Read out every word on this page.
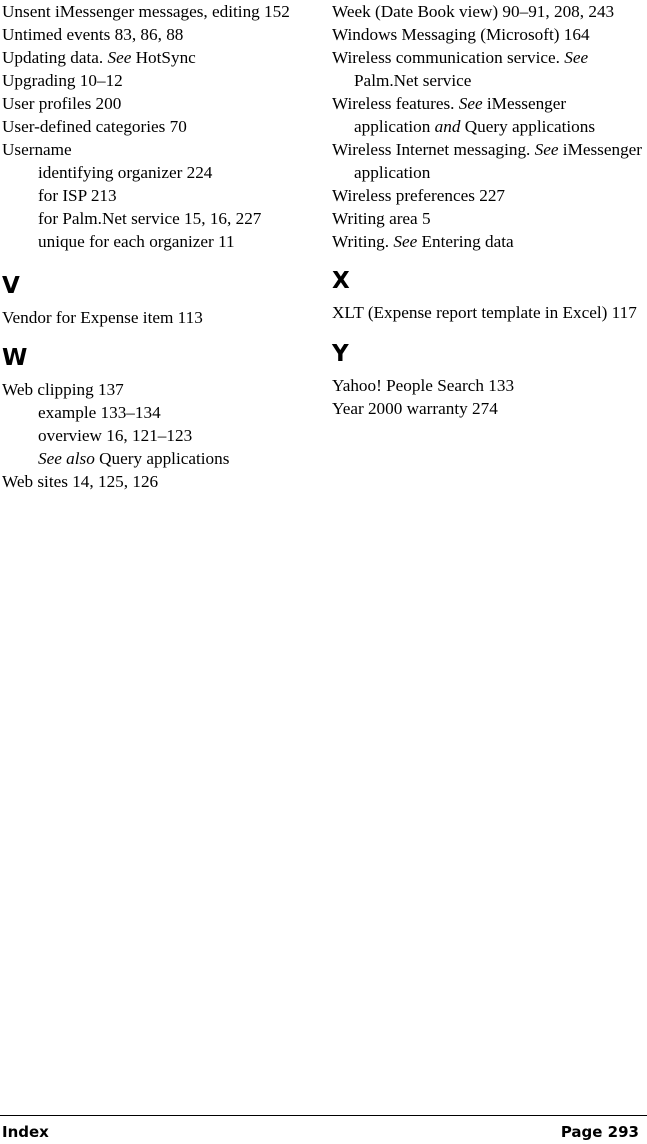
Unsent iMessenger messages, editing 152

Untimed events 83, 86, 88

Updating data. See HotSync

Upgrading 10–12

User profiles 200

User-defined categories 70

Username

identifying organizer 224

for ISP 213

for Palm.Net service 15, 16, 227

unique for each organizer 11

V

Vendor for Expense item 113

W

Web clipping 137

example 133–134

overview 16, 121–123

See also Query applications

Web sites 14, 125, 126

Week (Date Book view) 90–91, 208, 243

Windows Messaging (Microsoft) 164

Wireless communication service. See Palm.Net service

Wireless features. See iMessenger application and Query applications

Wireless Internet messaging. See iMessenger application

Wireless preferences 227

Writing area 5

Writing. See Entering data

X

XLT (Expense report template in Excel) 117

Y

Yahoo! People Search 133

Year 2000 warranty 274

Index	Page 293
